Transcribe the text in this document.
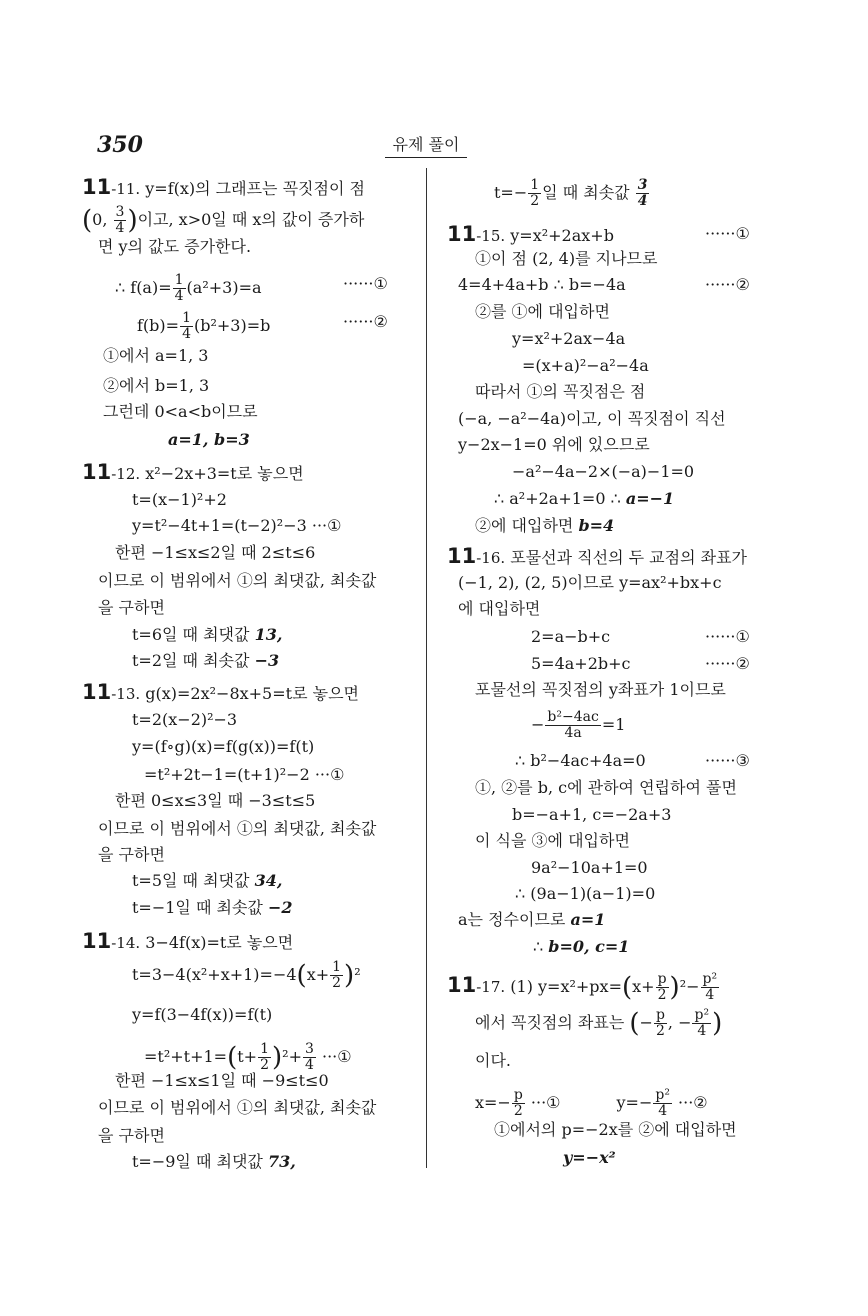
350	유제 풀이
11-11. y=f(x)의 그래프는 꼭짓점이 점
(0, $\frac{3}{4}$ )이고, x>0일 때 x의 값이 증가하
면 y의 값도 증가한다.
∴ $f(a)= \frac{1}{4} (a^2+3)=a$	······①
$f(b)= \frac{1}{4} (b^2+3)=b$	······②
①에서 a=1, 3
②에서 b=1, 3
그런데 0<a<b이므로
a=1, b=3
11-12. x²−2x+3=t로 놓으면
t=(x−1)²+2
y=t²−4t+1=(t−2)²−3 ···①
한편 −1≤x≤2일 때 2≤t≤6
이므로 이 범위에서 ①의 최댓값, 최솟값
을 구하면
t=6일 때 최댓값 13,
t=2일 때 최솟값 −3
11-13. g(x)=2x²−8x+5=t로 놓으면
t=2(x−2)²−3
y=(f∘g)(x)=f(g(x))=f(t)
=t²+2t−1=(t+1)²−2 ···①
한편 0≤x≤3일 때 −3≤t≤5
이므로 이 범위에서 ①의 최댓값, 최솟값
을 구하면
t=5일 때 최댓값 34,
t=−1일 때 최솟값 −2
11-14. 3−4f(x)=t로 놓으면
$t=3-4(x^2+x+1)=-4(x+ \frac{1}{2} )^2$
y=f(3−4f(x))=f(t)
$=t^2+t+1=(t+ \frac{1}{2} )^2+ \frac{3}{4}$ ···①
한편 −1≤x≤1일 때 −9≤t≤0
이므로 이 범위에서 ①의 최댓값, 최솟값
을 구하면
t=−9일 때 최댓값 73,
$t=- \frac{1}{2}$ 일 때 최솟값 $\frac{3}{4}$
11-15. y=x²+2ax+b	······①
①이 점 (2, 4)를 지나므로
4=4+4a+b ∴ b=−4a	······②
②를 ①에 대입하면
y=x²+2ax−4a
=(x+a)²−a²−4a
따라서 ①의 꼭짓점은 점
(−a, −a²−4a)이고, 이 꼭짓점이 직선
y−2x−1=0 위에 있으므로
−a²−4a−2×(−a)−1=0
∴ a²+2a+1=0 ∴ a=−1
②에 대입하면 b=4
11-16. 포물선과 직선의 두 교점의 좌표가
(−1, 2), (2, 5)이므로 y=ax²+bx+c
에 대입하면
2=a−b+c	······①
5=4a+2b+c	······②
포물선의 꼭짓점의 y좌표가 1이므로
− $\frac{\text{b²−4ac}}{4a} =1$
∴ b²−4ac+4a=0	······③
①, ②를 b, c에 관하여 연립하여 풀면
b=−a+1, c=−2a+3
이 식을 ③에 대입하면
9a²−10a+1=0
∴ (9a−1)(a−1)=0
a는 정수이므로 a=1
∴ b=0, c=1
11-17. (1) $y=x^2+px=(x+ \frac{p}{2} )^2- \frac{\text{p²}}{4}$
에서 꼭짓점의 좌표는 (− $\frac{p}{2}$ , − $\frac{\text{p²}}{4}$ )
이다.
$x=- \frac{p}{2}$ ···①	$y=- \frac{\text{p²}}{4}$ ···②
①에서의 p=−2x를 ②에 대입하면
y=−x²
